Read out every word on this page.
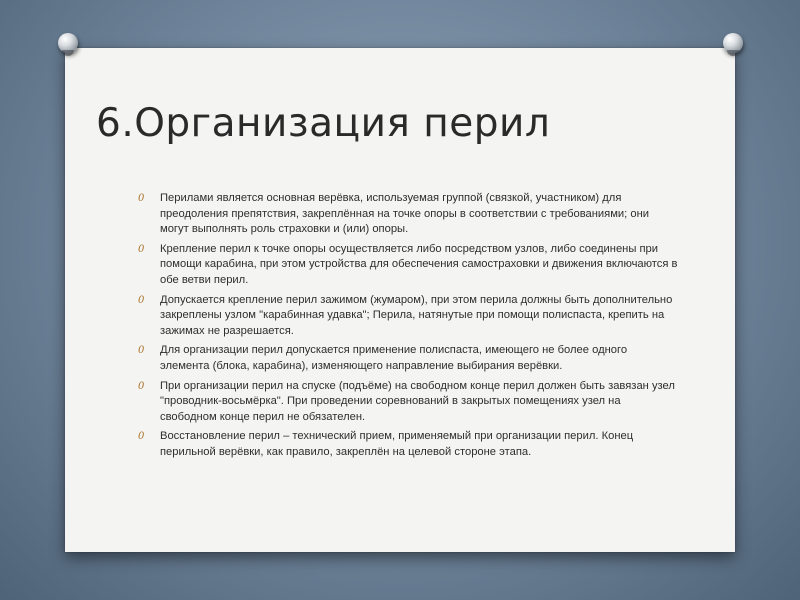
6.Организация перил
0 Перилами является основная верёвка, используемая группой (связкой, участником) для преодоления препятствия, закреплённая на точке опоры в соответствии с требованиями; они могут выполнять роль страховки и (или) опоры.
0 Крепление перил к точке опоры осуществляется либо посредством узлов, либо соединены при помощи карабина, при этом устройства для обеспечения самостраховки и движения включаются в обе ветви перил.
0 Допускается крепление перил зажимом (жумаром), при этом перила должны быть дополнительно закреплены узлом "карабинная удавка"; Перила, натянутые при помощи полиспаста, крепить на зажимах не разрешается.
0 Для организации перил допускается применение полиспаста, имеющего не более одного элемента (блока, карабина), изменяющего направление выбирания верёвки.
0 При организации перил на спуске (подъёме) на свободном конце перил должен быть завязан узел "проводник-восьмёрка". При проведении соревнований в закрытых помещениях узел на свободном конце перил не обязателен.
0 Восстановление перил – технический прием, применяемый при организации перил. Конец перильной верёвки, как правило, закреплён на целевой стороне этапа.
